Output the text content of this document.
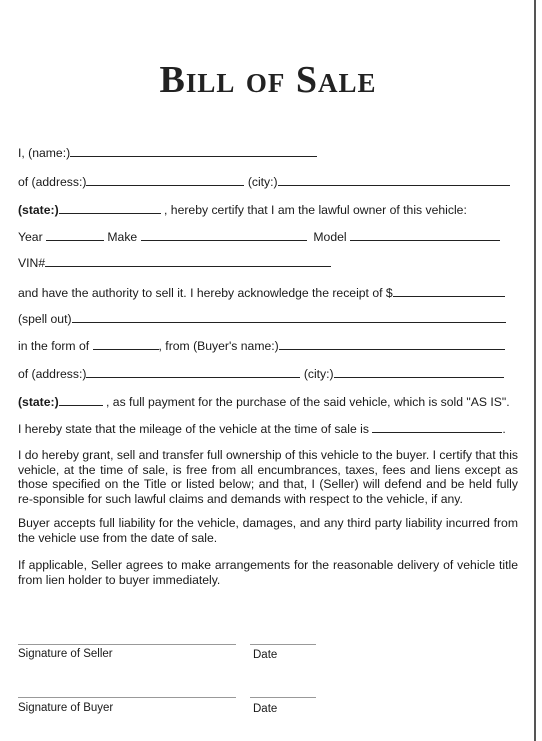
Bill of Sale
I, (name:)
of (address:)	(city:)
(state:)	, hereby certify that I am the lawful owner of this vehicle:
Year	Make	Model
VIN#
and have the authority to sell it. I hereby acknowledge the receipt of $
(spell out)
in the form of	, from (Buyer's name:)
of (address:)	(city:)
(state:)	, as full payment for the purchase of the said vehicle, which is sold "AS IS".
I hereby state that the mileage of the vehicle at the time of sale is	.
I do hereby grant, sell and transfer full ownership of this vehicle to the buyer. I certify that this vehicle, at the time of sale, is free from all encumbrances, taxes, fees and liens except as those specified on the Title or listed below; and that, I (Seller) will defend and be held fully re-sponsible for such lawful claims and demands with respect to the vehicle, if any.
Buyer accepts full liability for the vehicle, damages, and any third party liability incurred from the vehicle use from the date of sale.
If applicable, Seller agrees to make arrangements for the reasonable delivery of vehicle title from lien holder to buyer immediately.
Signature of Seller	Date
Signature of Buyer	Date
